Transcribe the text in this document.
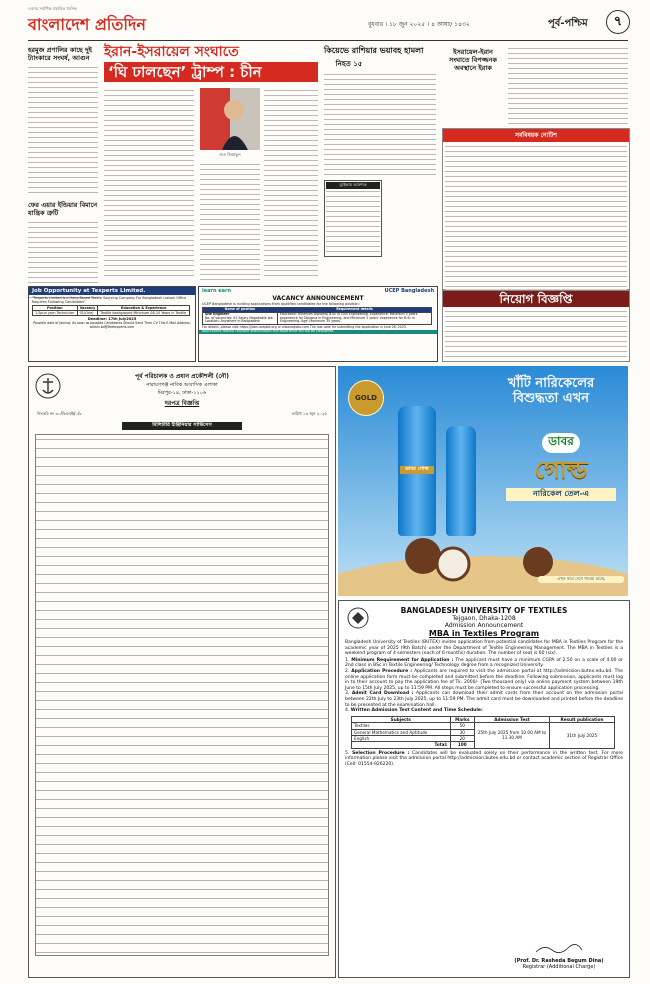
বাংলাদেশ প্রতিদিন
দেশের সর্বাধিক প্রচারিত দৈনিক
বুধবার । ১৮ জুন ২০২৫ । ৪ আষাঢ় ১৪৩২	পূর্ব-পশ্চিম	৭
হরমুজ প্রণালির কাছে দুই ট্যাংকারে সংঘর্ষ, আগুন
ফের এয়ার ইন্ডিয়ার বিমানে যান্ত্রিক ত্রুটি
ইরান-ইসরায়েল সংঘাতে
‘ঘি ঢালছেন’ ট্রাম্প : চীন
গুও জিয়াকুন
কিয়েভে রাশিয়ার ভয়াবহ হামলা
নিহত ১৫
ড্রাইভার আবশ্যক
ইসরায়েল-ইরান সংঘাতে বিপজ্জনক অবস্থানে ইরাক
সর্ববিষয়ক নোটিশ
নিয়োগ বিজ্ঞপ্তি
Job Opportunity at Texperts Limited.
"Texperts Limited is a Hong Based Textile Sourcing Company For Bangladesh Liaison Office Requires Following Candidates"
Position	Vacancy	Education & Experience
1.Spun yarn Technician	01(One)	Textile background Minimum 08-10 Years in Textile
Deadline: 17th July2025
Possible date of joining: As soon as possible Candidates Should Send Their CV This E-Mail Address: admin.bd@thetexperts.com
learn earn	UCEP Bangladesh
VACANCY ANNOUNCEMENT
UCEP Bangladesh is inviting applications from qualified candidates for the following position:
Name of position	Requirement details

Site Engineer
No. of vacancies: 02 Salary Negotiable Job Location: Anywhere in Bangladesh	Education: Minimum Diploma/ B.Sc in Civil Engineering. Experience: Minimum 5 years experience for Diploma in Engineering, and Minimum 2 years' experience for B.Sc in Engineering. Age: Maximum 35 years.
For details, please visit https://jobs.ucepbd.org or www.bdjobs.com The last date for submitting the application is June 28, 2025.
Applications without requisite qualifications and experience will not be considered.
পূর্ব পরিচালক ও প্রধান প্রকৌশলী (নৌ)
নারায়ণগঞ্জ নাবিক আবাসিক এলাকা
মিরপুর-১৪, ঢাকা-১২০৬
দরপত্র বিজ্ঞপ্তি
নিংতবি নং ৩০/বিএন/ই/০/৮	তারিখ ১৩ জুন ২০২৫
মিলিটারি ইঞ্জিনিয়ার সার্ভিসেস
GOLD
খাঁটি নারিকেলের
বিশুদ্ধতা এখন
ডাবর গোল্ড
ডাবর
গোল্ড
নারিকেল তেল-এ
এখন সারা দেশে পাওয়া যাচ্ছে
BANGLADESH UNIVERSITY OF TEXTILES
Tejgaon, Dhaka-1208
Admission Announcement
MBA in Textiles Program
Bangladesh University of Textiles (BUTEX) invites application from potential candidates for MBA in Textiles Program for the academic year of 2025 (9th Batch) under the Department of Textile Engineering Management. The MBA in Textiles is a weekend program of 4 semesters (each of 6 months) duration. The number of seat is 60 (six).
1. Minimum Requirement for Application : The applicant must have a minimum CGPA of 2.50 on a scale of 4.00 or 2nd class in BSc in Textile Engineering/ Technology degree from a recognized University.
2. Application Procedure : Applicants are required to visit the admission portal at http://admission.butex.edu.bd. The online application form must be completed and submitted before the deadline. Following submission, applicants must log in to their account to pay the application fee of Tk. 2000/- (Two thousand only) via online payment system between 19th June to 15th July 2025, up to 11:59 PM. All steps must be completed to ensure successful application processing.
3. Admit Card Download : Applicants can download their admit cards from their account on the admission portal between 22th July to 23th July 2025, up to 11:59 PM. The admit card must be downloaded and printed before the deadline to be presented at the examination hall.
4. Written Admission Test Content and Time Schedule:
Subjects	Marks	Admission Test	Result publication
Textiles	50	25th July 2025 from 10.00 AM to 11.30 AM	31th July 2025
General Mathematics and Aptitude	30		
English	20		
Total:	100		
5. Selection Procedure : Candidates will be evaluated solely on their performance in the written test. For more information please visit the admission portal http://admission.butex.edu.bd or contact academic section of Registrar Office (Cell: 01554-926220).
(Prof. Dr. Rasheda Begum Dina)
Registrar (Additional Charge)
